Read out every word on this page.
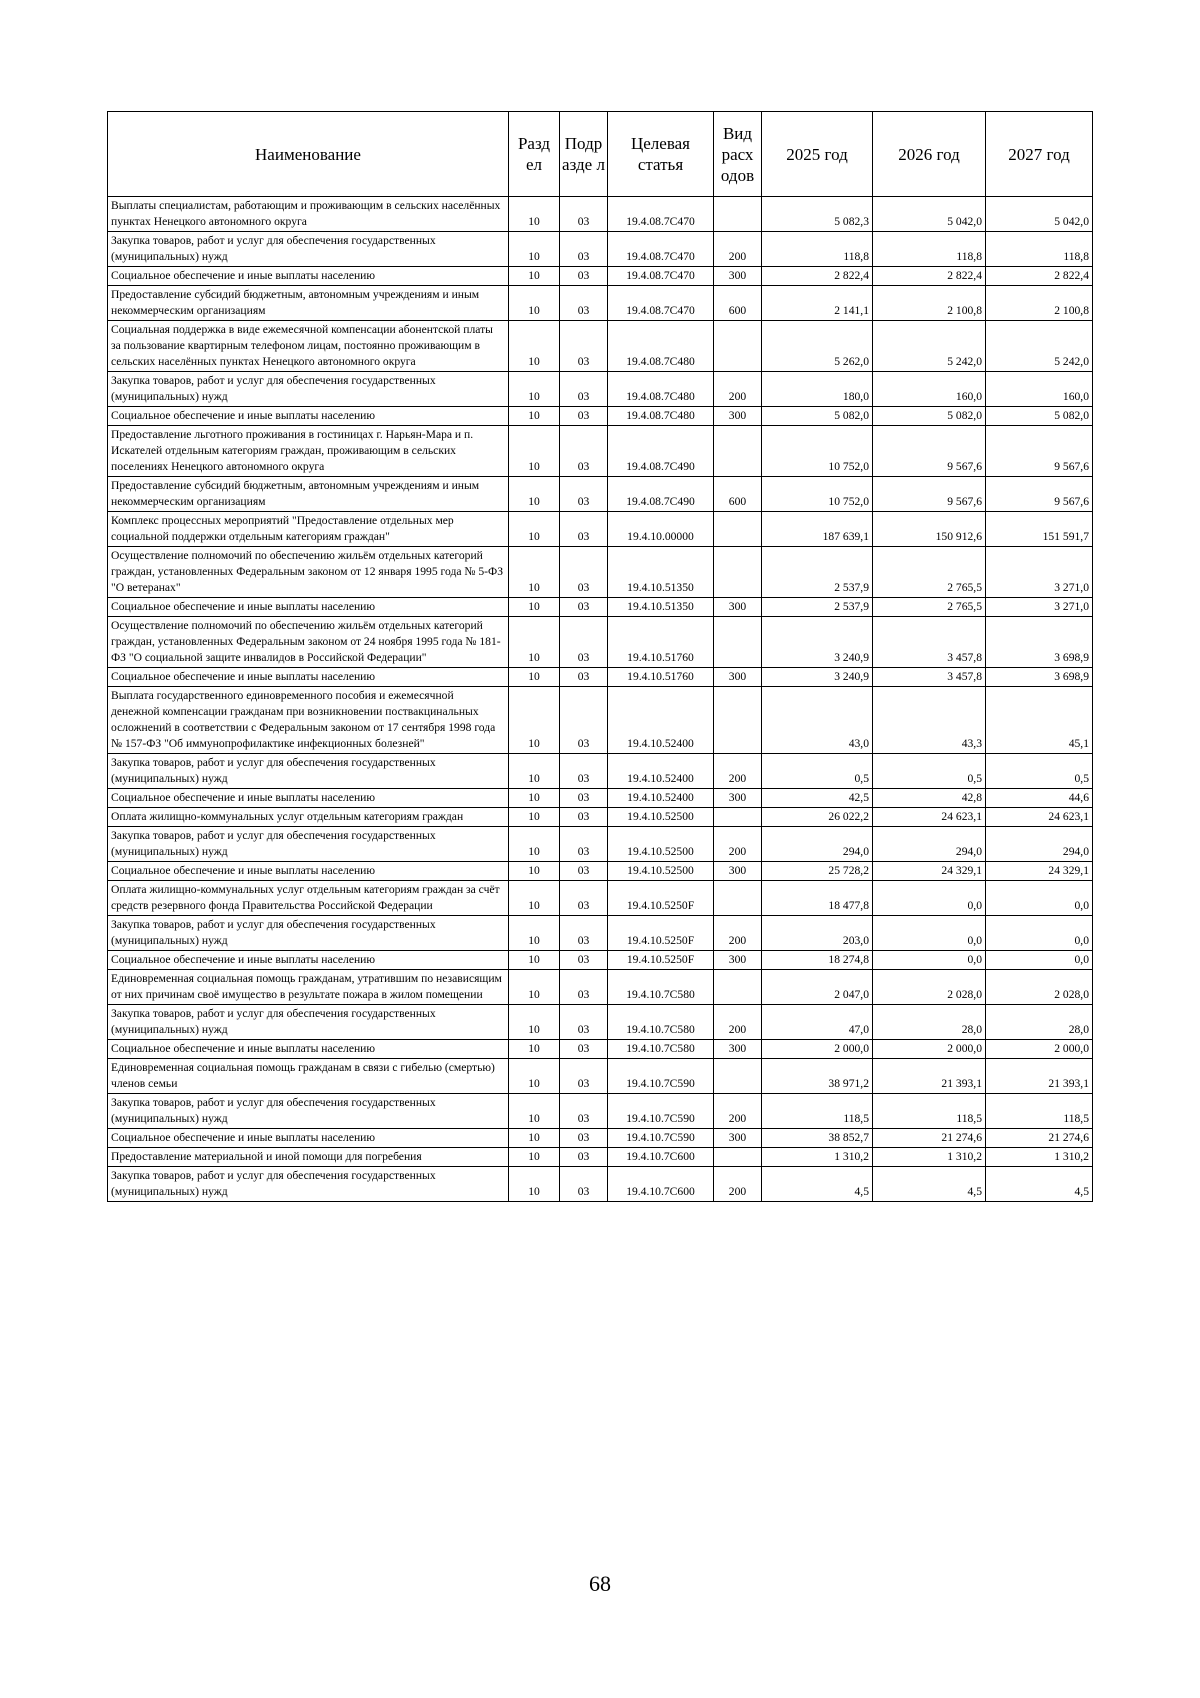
Наименование	Разд ел	Подр азде л	Целевая статья	Вид расх одов	2025 год	2026 год	2027 год
Выплаты специалистам, работающим и проживающим в сельских населённых пунктах Ненецкого автономного округа	10	03	19.4.08.7С470		5 082,3	5 042,0	5 042,0
Закупка товаров, работ и услуг для обеспечения государственных (муниципальных) нужд	10	03	19.4.08.7С470	200	118,8	118,8	118,8
Социальное обеспечение и иные выплаты населению	10	03	19.4.08.7С470	300	2 822,4	2 822,4	2 822,4
Предоставление субсидий бюджетным, автономным учреждениям и иным некоммерческим организациям	10	03	19.4.08.7С470	600	2 141,1	2 100,8	2 100,8
Социальная поддержка в виде ежемесячной компенсации абонентской платы за пользование квартирным телефоном лицам, постоянно проживающим в сельских населённых пунктах Ненецкого автономного округа	10	03	19.4.08.7С480		5 262,0	5 242,0	5 242,0
Закупка товаров, работ и услуг для обеспечения государственных (муниципальных) нужд	10	03	19.4.08.7С480	200	180,0	160,0	160,0
Социальное обеспечение и иные выплаты населению	10	03	19.4.08.7С480	300	5 082,0	5 082,0	5 082,0
Предоставление льготного проживания в гостиницах г. Нарьян-Мара и п. Искателей отдельным категориям граждан, проживающим в сельских поселениях Ненецкого автономного округа	10	03	19.4.08.7С490		10 752,0	9 567,6	9 567,6
Предоставление субсидий бюджетным, автономным учреждениям и иным некоммерческим организациям	10	03	19.4.08.7С490	600	10 752,0	9 567,6	9 567,6
Комплекс процессных мероприятий "Предоставление отдельных мер социальной поддержки отдельным категориям граждан"	10	03	19.4.10.00000		187 639,1	150 912,6	151 591,7
Осуществление полномочий по обеспечению жильём отдельных категорий граждан, установленных Федеральным законом от 12 января 1995 года № 5-ФЗ "О ветеранах"	10	03	19.4.10.51350		2 537,9	2 765,5	3 271,0
Социальное обеспечение и иные выплаты населению	10	03	19.4.10.51350	300	2 537,9	2 765,5	3 271,0
Осуществление полномочий по обеспечению жильём отдельных категорий граждан, установленных Федеральным законом от 24 ноября 1995 года № 181-ФЗ "О социальной защите инвалидов в Российской Федерации"	10	03	19.4.10.51760		3 240,9	3 457,8	3 698,9
Социальное обеспечение и иные выплаты населению	10	03	19.4.10.51760	300	3 240,9	3 457,8	3 698,9
Выплата государственного единовременного пособия и ежемесячной денежной компенсации гражданам при возникновении поствакцинальных осложнений в соответствии с Федеральным законом от 17 сентября 1998 года № 157-ФЗ "Об иммунопрофилактике инфекционных болезней"	10	03	19.4.10.52400		43,0	43,3	45,1
Закупка товаров, работ и услуг для обеспечения государственных (муниципальных) нужд	10	03	19.4.10.52400	200	0,5	0,5	0,5
Социальное обеспечение и иные выплаты населению	10	03	19.4.10.52400	300	42,5	42,8	44,6
Оплата жилищно-коммунальных услуг отдельным категориям граждан	10	03	19.4.10.52500		26 022,2	24 623,1	24 623,1
Закупка товаров, работ и услуг для обеспечения государственных (муниципальных) нужд	10	03	19.4.10.52500	200	294,0	294,0	294,0
Социальное обеспечение и иные выплаты населению	10	03	19.4.10.52500	300	25 728,2	24 329,1	24 329,1
Оплата жилищно-коммунальных услуг отдельным категориям граждан за счёт средств резервного фонда Правительства Российской Федерации	10	03	19.4.10.5250F		18 477,8	0,0	0,0
Закупка товаров, работ и услуг для обеспечения государственных (муниципальных) нужд	10	03	19.4.10.5250F	200	203,0	0,0	0,0
Социальное обеспечение и иные выплаты населению	10	03	19.4.10.5250F	300	18 274,8	0,0	0,0
Единовременная социальная помощь гражданам, утратившим по независящим от них причинам своё имущество в результате пожара в жилом помещении	10	03	19.4.10.7С580		2 047,0	2 028,0	2 028,0
Закупка товаров, работ и услуг для обеспечения государственных (муниципальных) нужд	10	03	19.4.10.7С580	200	47,0	28,0	28,0
Социальное обеспечение и иные выплаты населению	10	03	19.4.10.7С580	300	2 000,0	2 000,0	2 000,0
Единовременная социальная помощь гражданам в связи с гибелью (смертью) членов семьи	10	03	19.4.10.7С590		38 971,2	21 393,1	21 393,1
Закупка товаров, работ и услуг для обеспечения государственных (муниципальных) нужд	10	03	19.4.10.7С590	200	118,5	118,5	118,5
Социальное обеспечение и иные выплаты населению	10	03	19.4.10.7С590	300	38 852,7	21 274,6	21 274,6
Предоставление материальной и иной помощи для погребения	10	03	19.4.10.7С600		1 310,2	1 310,2	1 310,2
Закупка товаров, работ и услуг для обеспечения государственных (муниципальных) нужд	10	03	19.4.10.7С600	200	4,5	4,5	4,5
68
